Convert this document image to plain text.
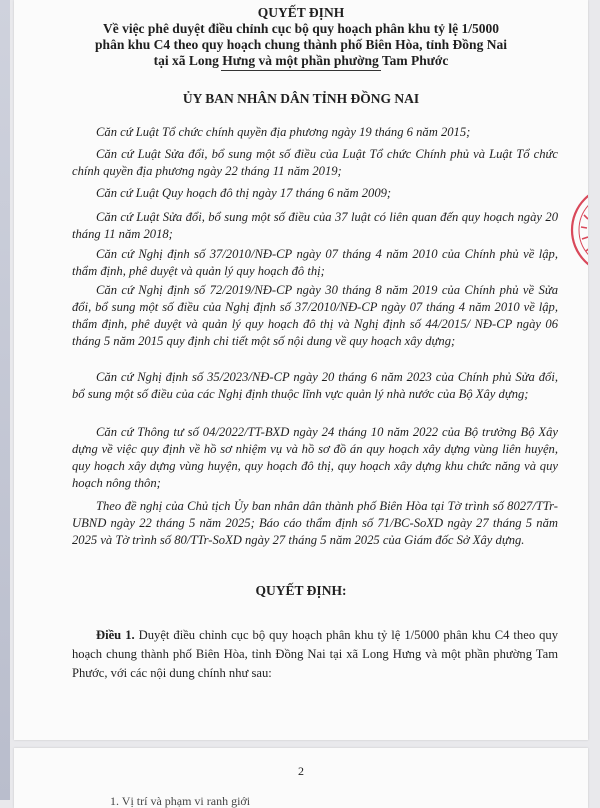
QUYẾT ĐỊNH
Về việc phê duyệt điều chỉnh cục bộ quy hoạch phân khu tỷ lệ 1/5000
phân khu C4 theo quy hoạch chung thành phố Biên Hòa, tỉnh Đồng Nai
tại xã Long Hưng và một phần phường Tam Phước
ỦY BAN NHÂN DÂN TỈNH ĐỒNG NAI

Căn cứ Luật Tổ chức chính quyền địa phương ngày 19 tháng 6 năm 2015;

Căn cứ Luật Sửa đổi, bổ sung một số điều của Luật Tổ chức Chính phủ và Luật Tổ chức chính quyền địa phương ngày 22 tháng 11 năm 2019;

Căn cứ Luật Quy hoạch đô thị ngày 17 tháng 6 năm 2009;

Căn cứ Luật Sửa đổi, bổ sung một số điều của 37 luật có liên quan đến quy hoạch ngày 20 tháng 11 năm 2018;

Căn cứ Nghị định số 37/2010/NĐ-CP ngày 07 tháng 4 năm 2010 của Chính phủ về lập, thẩm định, phê duyệt và quản lý quy hoạch đô thị;

Căn cứ Nghị định số 72/2019/NĐ-CP ngày 30 tháng 8 năm 2019 của Chính phủ về Sửa đổi, bổ sung một số điều của Nghị định số 37/2010/NĐ-CP ngày 07 tháng 4 năm 2010 về lập, thẩm định, phê duyệt và quản lý quy hoạch đô thị và Nghị định số 44/2015/ NĐ-CP ngày 06 tháng 5 năm 2015 quy định chi tiết một số nội dung về quy hoạch xây dựng;

Căn cứ Nghị định số 35/2023/NĐ-CP ngày 20 tháng 6 năm 2023 của Chính phủ Sửa đổi, bổ sung một số điều của các Nghị định thuộc lĩnh vực quản lý nhà nước của Bộ Xây dựng;

Căn cứ Thông tư số 04/2022/TT-BXD ngày 24 tháng 10 năm 2022 của Bộ trưởng Bộ Xây dựng về việc quy định về hồ sơ nhiệm vụ và hồ sơ đồ án quy hoạch xây dựng vùng liên huyện, quy hoạch xây dựng vùng huyện, quy hoạch đô thị, quy hoạch xây dựng khu chức năng và quy hoạch nông thôn;

Theo đề nghị của Chủ tịch Ủy ban nhân dân thành phố Biên Hòa tại Tờ trình số 8027/TTr-UBND ngày 22 tháng 5 năm 2025; Báo cáo thẩm định số 71/BC-SoXD ngày 27 tháng 5 năm 2025 và Tờ trình số 80/TTr-SoXD ngày 27 tháng 5 năm 2025 của Giám đốc Sở Xây dựng.

QUYẾT ĐỊNH:

Điều 1. Duyệt điều chỉnh cục bộ quy hoạch phân khu tỷ lệ 1/5000 phân khu C4 theo quy hoạch chung thành phố Biên Hòa, tỉnh Đồng Nai tại xã Long Hưng và một phần phường Tam Phước, với các nội dung chính như sau:

2
1. Vị trí và phạm vi ranh giới
